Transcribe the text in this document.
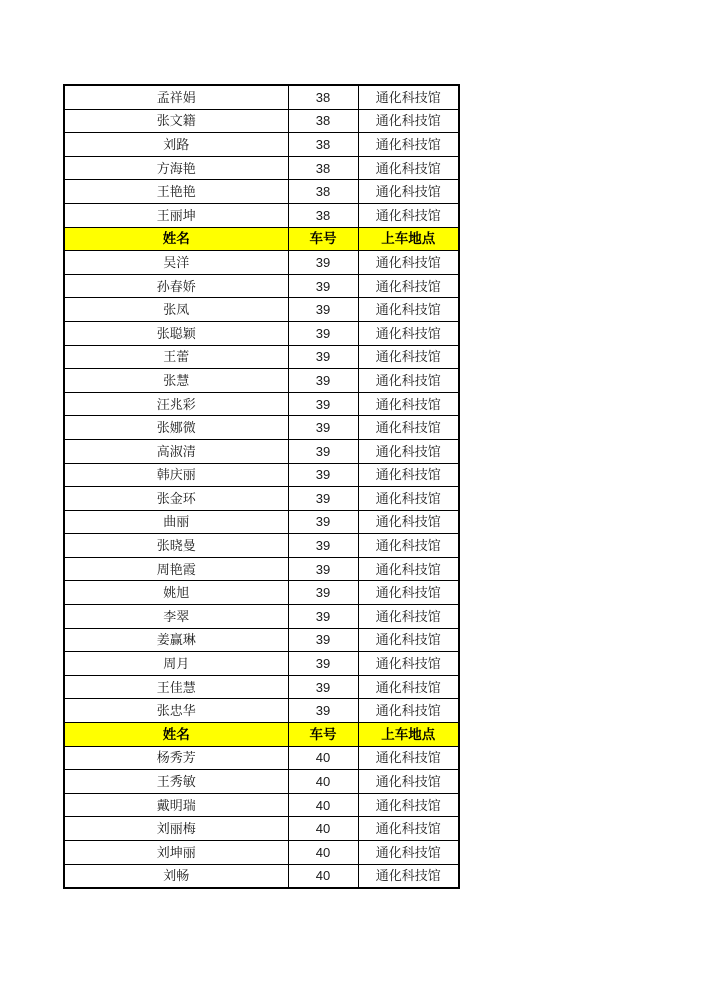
孟祥娟	38	通化科技馆
张文籍	38	通化科技馆
刘路	38	通化科技馆
方海艳	38	通化科技馆
王艳艳	38	通化科技馆
王丽坤	38	通化科技馆
姓名	车号	上车地点
吴洋	39	通化科技馆
孙春娇	39	通化科技馆
张凤	39	通化科技馆
张聪颖	39	通化科技馆
王蕾	39	通化科技馆
张慧	39	通化科技馆
汪兆彩	39	通化科技馆
张娜微	39	通化科技馆
高淑清	39	通化科技馆
韩庆丽	39	通化科技馆
张金环	39	通化科技馆
曲丽	39	通化科技馆
张晓曼	39	通化科技馆
周艳霞	39	通化科技馆
姚旭	39	通化科技馆
李翠	39	通化科技馆
姜赢琳	39	通化科技馆
周月	39	通化科技馆
王佳慧	39	通化科技馆
张忠华	39	通化科技馆
姓名	车号	上车地点
杨秀芳	40	通化科技馆
王秀敏	40	通化科技馆
戴明瑞	40	通化科技馆
刘丽梅	40	通化科技馆
刘坤丽	40	通化科技馆
刘畅	40	通化科技馆
